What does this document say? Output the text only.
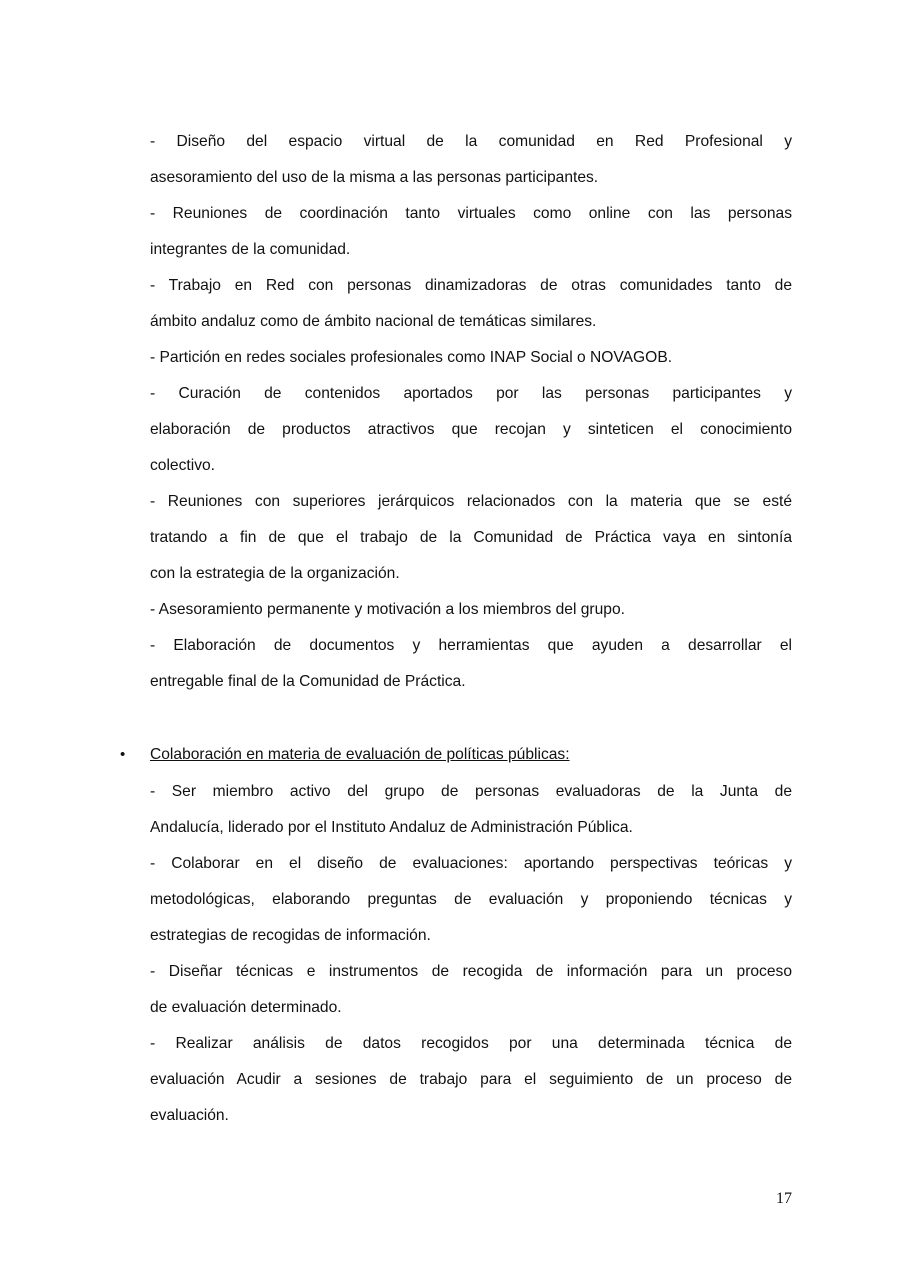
- Diseño del espacio virtual de la comunidad en Red Profesional y
asesoramiento del uso de la misma a las personas participantes.
- Reuniones de coordinación tanto virtuales como online con las personas
integrantes de la comunidad.
- Trabajo en Red con personas dinamizadoras de otras comunidades tanto de
ámbito andaluz como de ámbito nacional de temáticas similares.
- Partición en redes sociales profesionales como INAP Social o NOVAGOB.
- Curación de contenidos aportados por las personas participantes y
elaboración de productos atractivos que recojan y sinteticen el conocimiento
colectivo.
- Reuniones con superiores jerárquicos relacionados con la materia que se esté
tratando a fin de que el trabajo de la Comunidad de Práctica vaya en sintonía
con la estrategia de la organización.
- Asesoramiento permanente y motivación a los miembros del grupo.
- Elaboración de documentos y herramientas que ayuden a desarrollar el
entregable final de la Comunidad de Práctica.
• Colaboración en materia de evaluación de políticas públicas:
- Ser miembro activo del grupo de personas evaluadoras de la Junta de
Andalucía, liderado por el Instituto Andaluz de Administración Pública.
- Colaborar en el diseño de evaluaciones: aportando perspectivas teóricas y
metodológicas, elaborando preguntas de evaluación y proponiendo técnicas y
estrategias de recogidas de información.
- Diseñar técnicas e instrumentos de recogida de información para un proceso
de evaluación determinado.
- Realizar análisis de datos recogidos por una determinada técnica de
evaluación Acudir a sesiones de trabajo para el seguimiento de un proceso de
evaluación.
17
